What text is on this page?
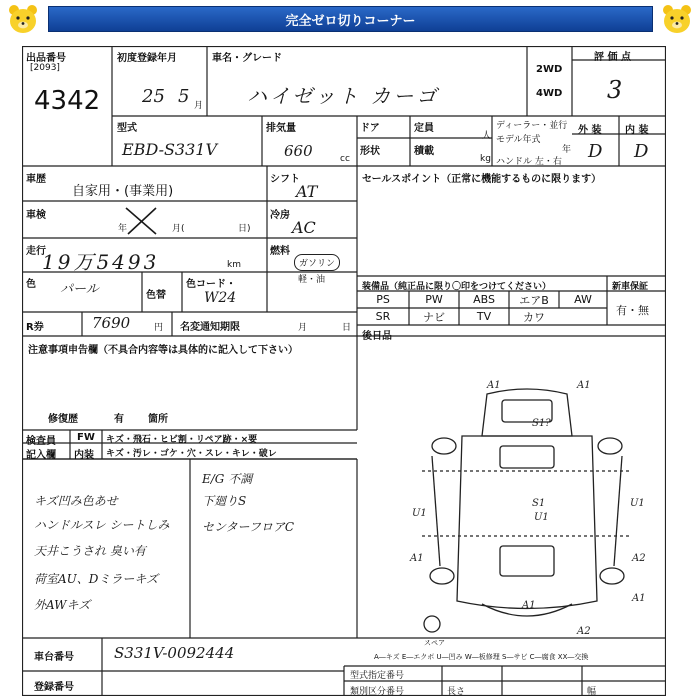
完全ゼロ切りコーナー
出品番号
[2093]
4342
初度登録年月
25 5 月
車名・グレード
ハイゼット カーゴ
2WD
4WD
評 価 点
3
型式
EBD-S331V
排気量
660	cc
ドア	定員
人
形状	積載
kg
ディーラー・並行
モデル年式
年
ハンドル 左・右
外 装 内 装
D D
車歴
自家用・(事業用)
シフト
AT
車検
年	月(	日)
冷房
AC
走行
19万5493	km
燃料
ガソリン
軽・油
色 パール	色替
色コード・
W24
R券	7690	円 名変通知期限	月	日
セールスポイント（正常に機能するものに限ります）
装備品（純正品に限り〇印をつけてください）	新車保証
有・無
PS	PW	ABS	エアB	AW
SR	ナビ	TV	カワ
後日品
注意事項申告欄（不具合内容等は具体的に記入して下さい）
修復歴	有 箇所
検査員
記入欄
FW キズ・飛石・ヒビ割・リペア跡・×要
内装 キズ・汚レ・ゴケ・穴・スレ・キレ・破レ
キズ凹み色あせ
ハンドルスレ シートしみ
天井こうされ 臭い有
荷室AU、Dミラーキズ
外AWキズ
E/G 不調
下廻りS
センターフロアC
A1	A1
S1?
S1
U1
U1
U1
A1	A2
A1
A1
A2
スペア
A―キズ E―エクボ U―凹み W―板修理 S―サビ C―腐食 XX―交換
車台番号	S331V-0092444
登録番号
型式指定番号
類別区分番号	長さ	幅
